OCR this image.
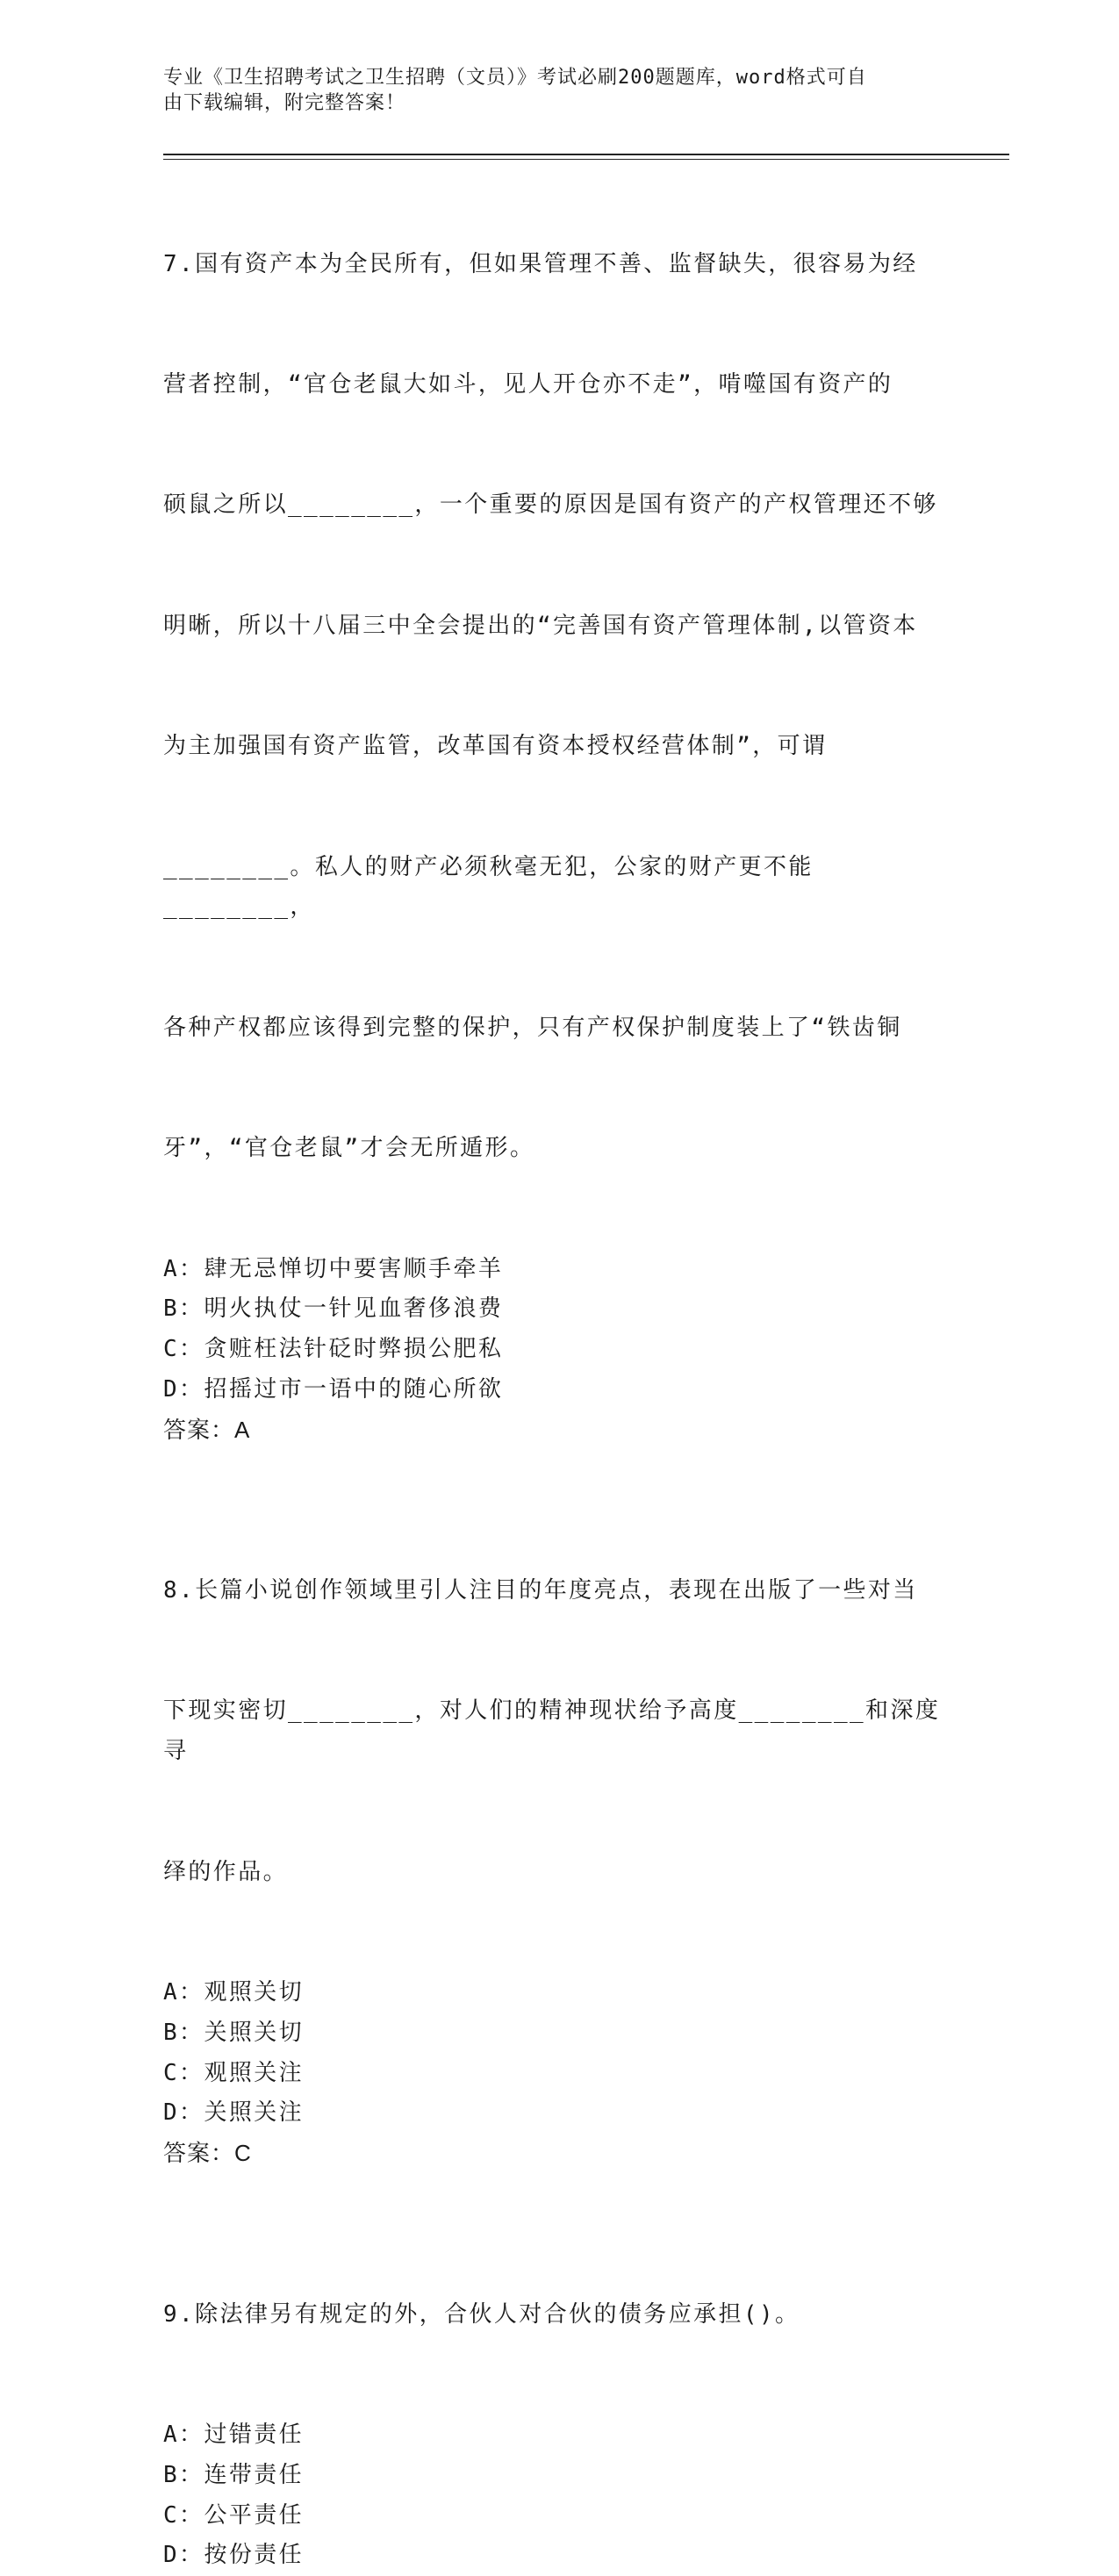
专业《卫生招聘考试之卫生招聘（文员）》考试必刷200题题库，word格式可自
由下载编辑，附完整答案！

7.国有资产本为全民所有，但如果管理不善、监督缺失，很容易为经

营者控制，“官仓老鼠大如斗，见人开仓亦不走”，啃噬国有资产的

硕鼠之所以________，一个重要的原因是国有资产的产权管理还不够

明晰，所以十八届三中全会提出的“完善国有资产管理体制,以管资本

为主加强国有资产监管，改革国有资本授权经营体制”，可谓

________。私人的财产必须秋毫无犯，公家的财产更不能________，

各种产权都应该得到完整的保护，只有产权保护制度装上了“铁齿铜

牙”，“官仓老鼠”才会无所遁形。

A：肆无忌惮切中要害顺手牵羊
B：明火执仗一针见血奢侈浪费
C：贪赃枉法针砭时弊损公肥私
D：招摇过市一语中的随心所欲
答案：A

8.长篇小说创作领域里引人注目的年度亮点，表现在出版了一些对当

下现实密切________，对人们的精神现状给予高度________和深度寻

绎的作品。

A：观照关切
B：关照关切
C：观照关注
D：关照关注
答案：C

9.除法律另有规定的外，合伙人对合伙的债务应承担()。

A：过错责任
B：连带责任
C：公平责任
D：按份责任
